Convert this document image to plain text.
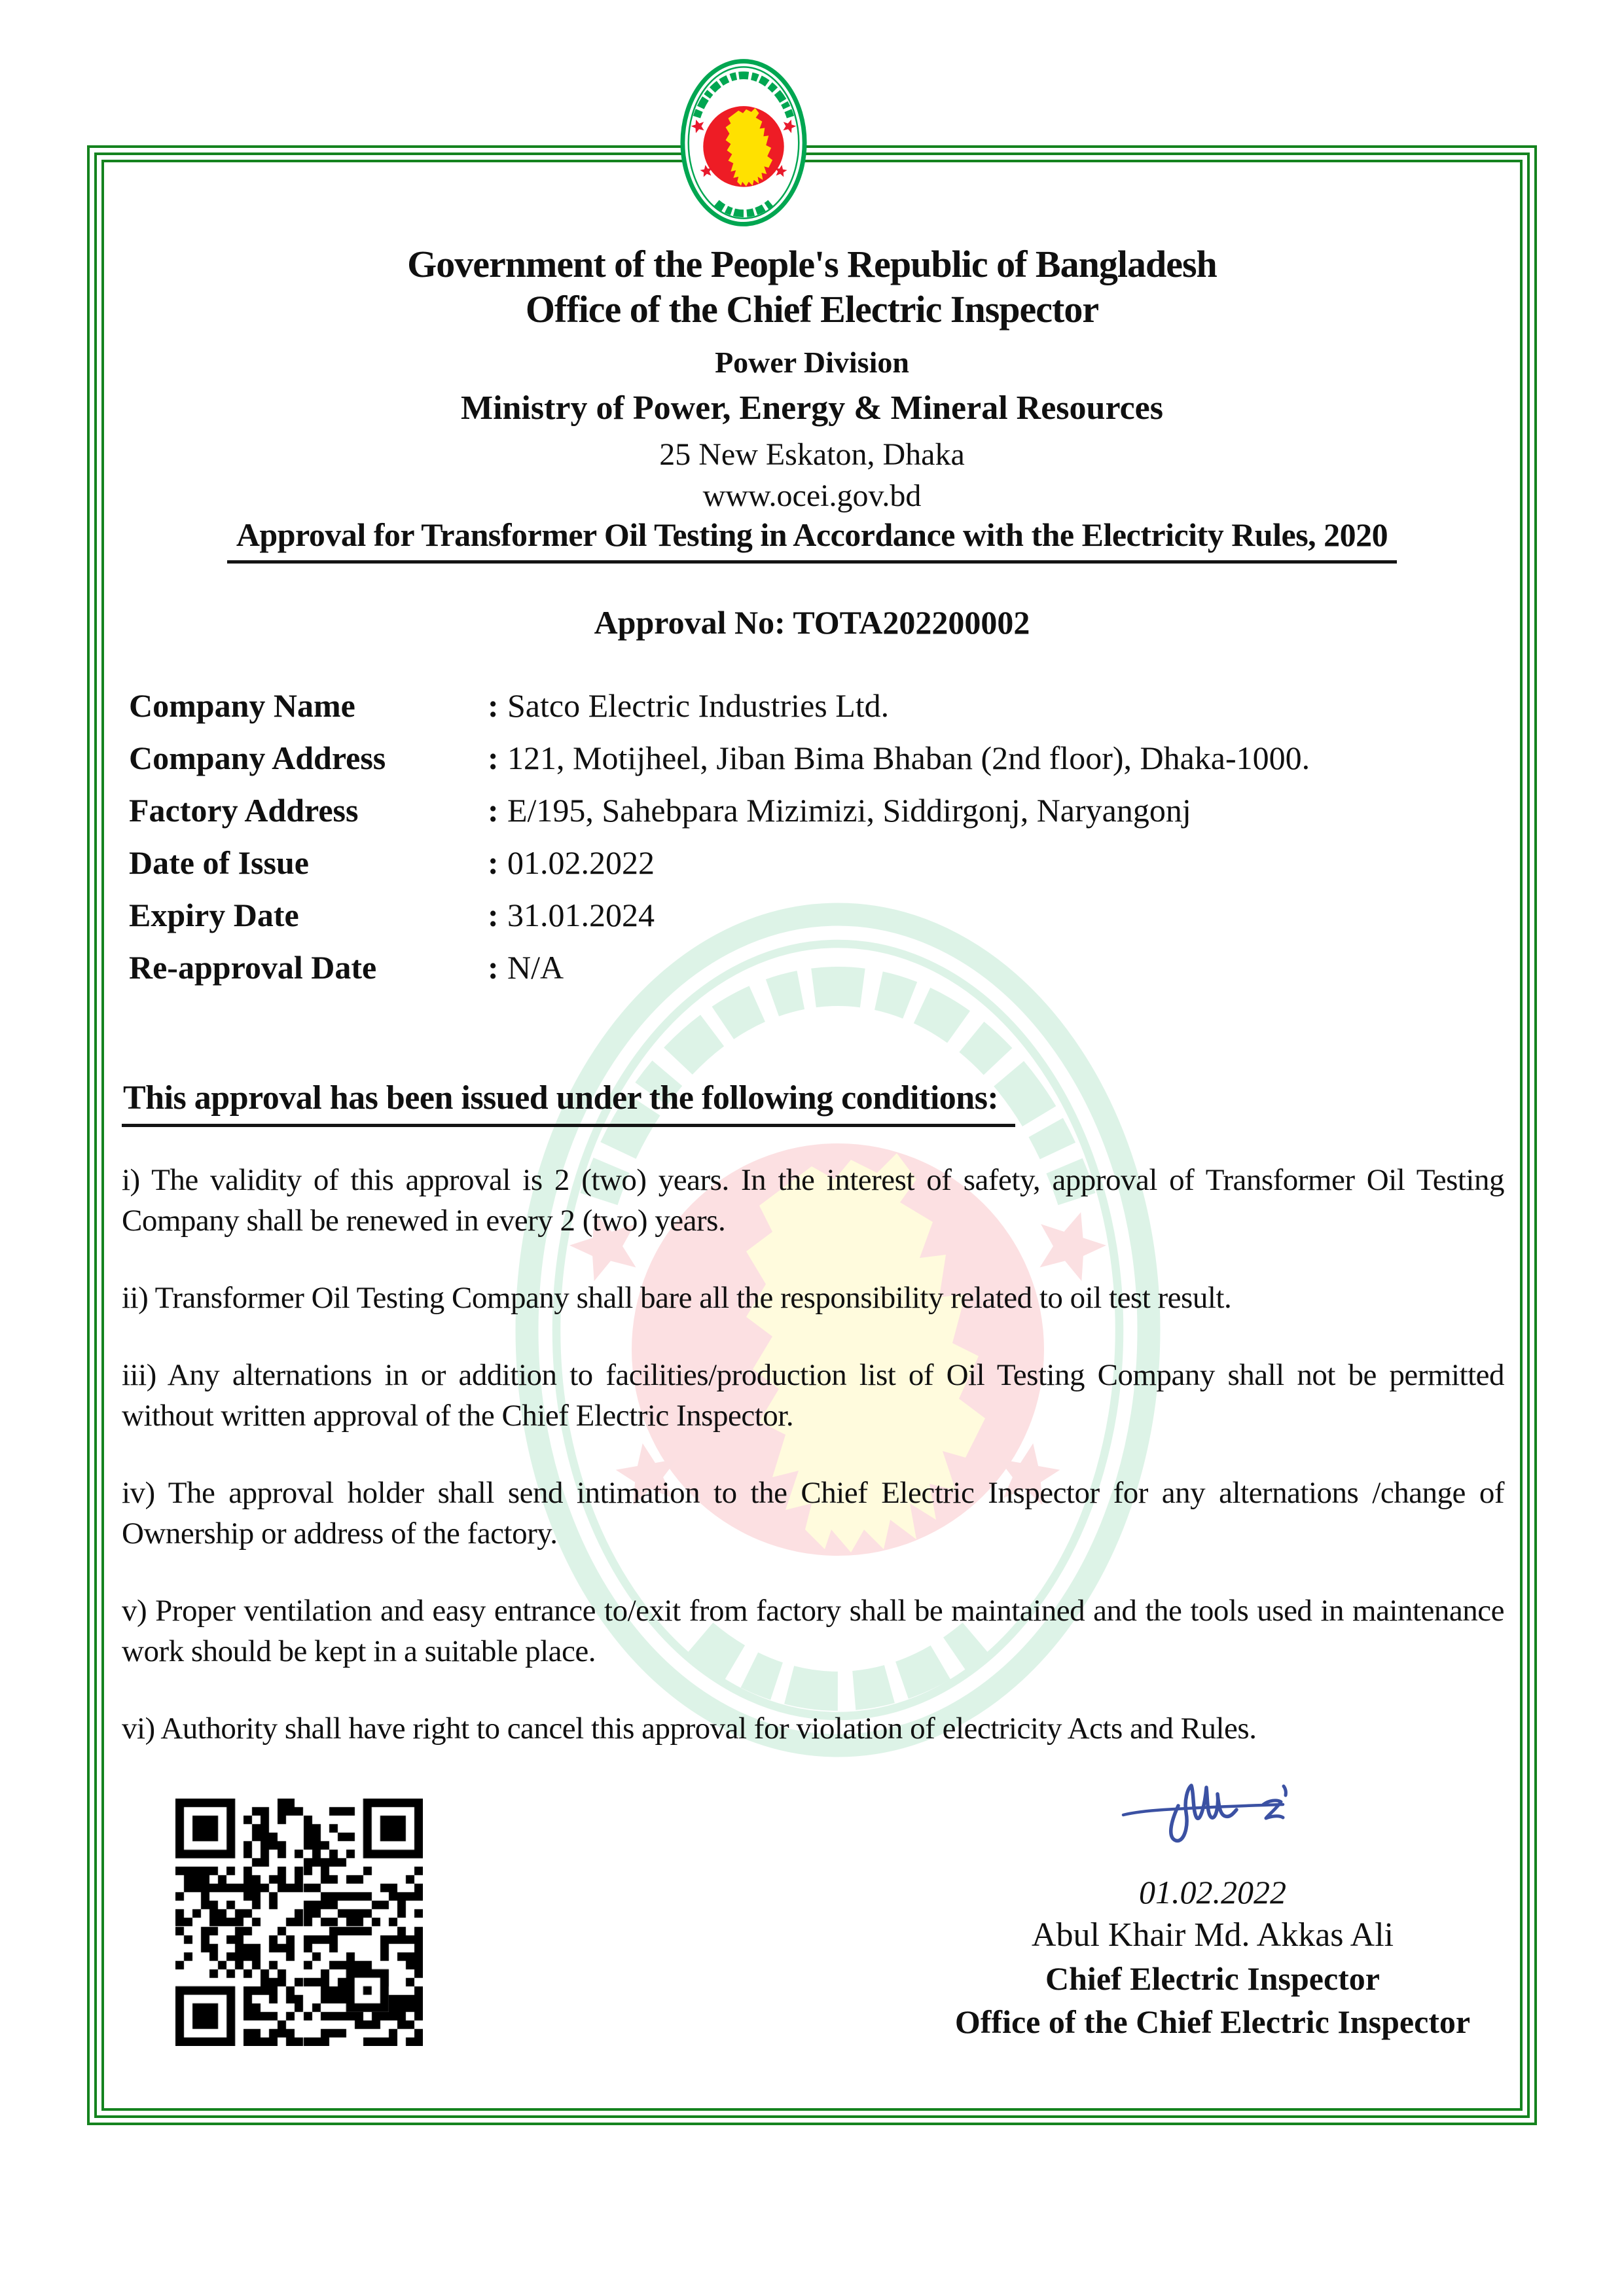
Government of the People's Republic of Bangladesh
Office of the Chief Electric Inspector
Power Division
Ministry of Power, Energy & Mineral Resources
25 New Eskaton, Dhaka
www.ocei.gov.bd
Approval for Transformer Oil Testing in Accordance with the Electricity Rules, 2020
Approval No: TOTA202200002
Company Name	: Satco Electric Industries Ltd.
Company Address	: 121, Motijheel, Jiban Bima Bhaban (2nd floor), Dhaka-1000.
Factory Address	: E/195, Sahebpara Mizimizi, Siddirgonj, Naryangonj
Date of Issue	: 01.02.2022
Expiry Date	: 31.01.2024
Re-approval Date	: N/A
This approval has been issued under the following conditions:

i) The validity of this approval is 2 (two) years. In the interest of safety, approval of Transformer Oil Testing Company shall be renewed in every 2 (two) years.

ii) Transformer Oil Testing Company shall bare all the responsibility related to oil test result.

iii) Any alternations in or addition to facilities/production list of Oil Testing Company shall not be permitted without written approval of the Chief Electric Inspector.

iv) The approval holder shall send intimation to the Chief Electric Inspector for any alternations /change of Ownership or address of the factory.

v) Proper ventilation and easy entrance to/exit from factory shall be maintained and the tools used in maintenance work should be kept in a suitable place.

vi) Authority shall have right to cancel this approval for violation of electricity Acts and Rules.

01.02.2022
Abul Khair Md. Akkas Ali
Chief Electric Inspector
Office of the Chief Electric Inspector
